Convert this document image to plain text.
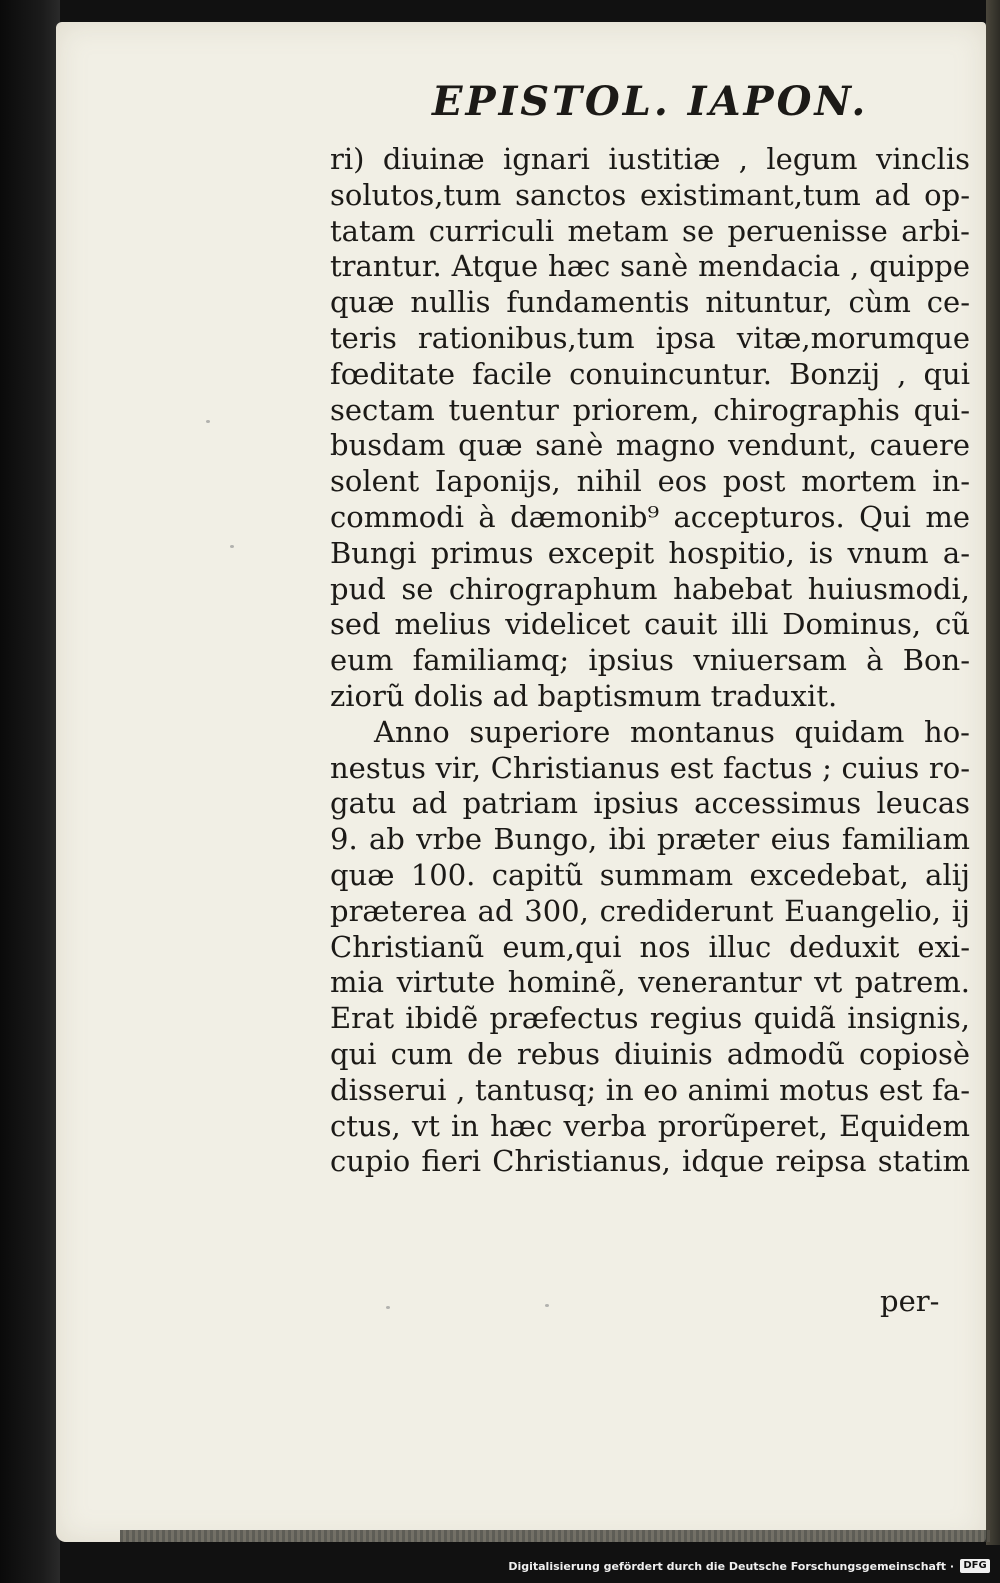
EPISTOL. IAPON.
ri) diuinæ ignari iustitiæ , legum vinclis
solutos,tum sanctos existimant,tum ad op-
tatam curriculi metam se peruenisse arbi-
trantur. Atque hæc sanè mendacia , quippe
quæ nullis fundamentis nituntur, cùm ce-
teris rationibus,tum ipsa vitæ,morumque
fœditate facile conuincuntur. Bonzij , qui
sectam tuentur priorem, chirographis qui-
busdam quæ sanè magno vendunt, cauere
solent Iaponijs, nihil eos post mortem in-
commodi à dæmonib⁹ accepturos. Qui me
Bungi primus excepit hospitio, is vnum a-
pud se chirographum habebat huiusmodi,
sed melius videlicet cauit illi Dominus, cũ
eum familiamq; ipsius vniuersam à Bon-
ziorũ dolis ad baptismum traduxit.
Anno superiore montanus quidam ho-
nestus vir, Christianus est factus ; cuius ro-
gatu ad patriam ipsius accessimus leucas
9. ab vrbe Bungo, ibi præter eius familiam
quæ 100. capitũ summam excedebat, alij
præterea ad 300, crediderunt Euangelio, ij
Christianũ eum,qui nos illuc deduxit exi-
mia virtute hominẽ, venerantur vt patrem.
Erat ibidẽ præfectus regius quidã insignis,
qui cum de rebus diuinis admodũ copiosè
disserui , tantusq; in eo animi motus est fa-
ctus, vt in hæc verba prorũperet, Equidem
cupio fieri Christianus, idque reipsa statim
per-
Digitalisierung gefördert durch die Deutsche Forschungsgemeinschaft · DFG
